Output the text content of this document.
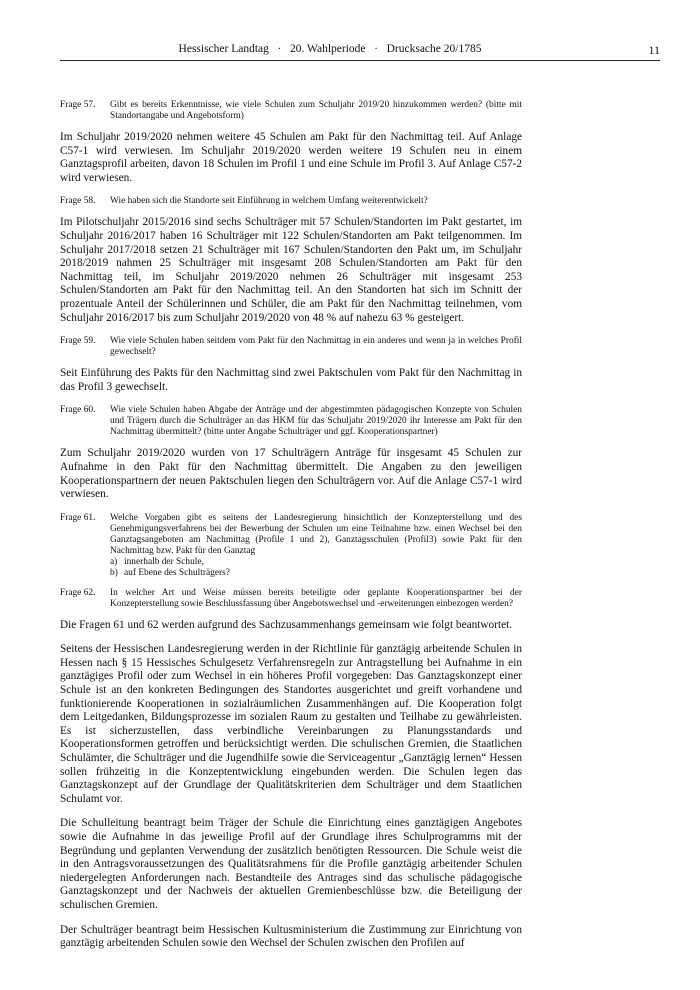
Hessischer Landtag · 20. Wahlperiode · Drucksache 20/1785	11
Frage 57.	Gibt es bereits Erkenntnisse, wie viele Schulen zum Schuljahr 2019/20 hinzukommen werden? (bitte mit Standortangabe und Angebotsform)

Im Schuljahr 2019/2020 nehmen weitere 45 Schulen am Pakt für den Nachmittag teil. Auf Anlage C57-1 wird verwiesen. Im Schuljahr 2019/2020 werden weitere 19 Schulen neu in einem Ganztagsprofil arbeiten, davon 18 Schulen im Profil 1 und eine Schule im Profil 3. Auf Anlage C57-2 wird verwiesen.

Frage 58.	Wie haben sich die Standorte seit Einführung in welchem Umfang weiterentwickelt?

Im Pilotschuljahr 2015/2016 sind sechs Schulträger mit 57 Schulen/Standorten im Pakt gestartet, im Schuljahr 2016/2017 haben 16 Schulträger mit 122 Schulen/Standorten am Pakt teilgenommen. Im Schuljahr 2017/2018 setzen 21 Schulträger mit 167 Schulen/Standorten den Pakt um, im Schuljahr 2018/2019 nahmen 25 Schulträger mit insgesamt 208 Schulen/Standorten am Pakt für den Nachmittag teil, im Schuljahr 2019/2020 nehmen 26 Schulträger mit insgesamt 253 Schulen/Standorten am Pakt für den Nachmittag teil. An den Standorten hat sich im Schnitt der prozentuale Anteil der Schülerinnen und Schüler, die am Pakt für den Nachmittag teilnehmen, vom Schuljahr 2016/2017 bis zum Schuljahr 2019/2020 von 48 % auf nahezu 63 % gesteigert.

Frage 59.	Wie viele Schulen haben seitdem vom Pakt für den Nachmittag in ein anderes und wenn ja in welches Profil gewechselt?

Seit Einführung des Pakts für den Nachmittag sind zwei Paktschulen vom Pakt für den Nachmittag in das Profil 3 gewechselt.

Frage 60.	Wie viele Schulen haben Abgabe der Anträge und der abgestimmten pädagogischen Konzepte von Schulen und Trägern durch die Schulträger an das HKM für das Schuljahr 2019/2020 ihr Interesse am Pakt für den Nachmittag übermittelt? (bitte unter Angabe Schulträger und ggf. Kooperationspartner)

Zum Schuljahr 2019/2020 wurden von 17 Schulträgern Anträge für insgesamt 45 Schulen zur Aufnahme in den Pakt für den Nachmittag übermittelt. Die Angaben zu den jeweiligen Kooperationspartnern der neuen Paktschulen liegen den Schulträgern vor. Auf die Anlage C57-1 wird verwiesen.

Frage 61.	Welche Vorgaben gibt es seitens der Landesregierung hinsichtlich der Konzepterstellung und des Genehmigungsverfahrens bei der Bewerbung der Schulen um eine Teilnahme bzw. einen Wechsel bei den Ganztagsangeboten am Nachmittag (Profile 1 und 2), Ganztagsschulen (Profil3) sowie Pakt für den Nachmittag bzw. Pakt für den Ganztag
a) innerhalb der Schule,
b) auf Ebene des Schulträgers?
Frage 62.	In welcher Art und Weise müssen bereits beteiligte oder geplante Kooperationspartner bei der Konzepterstellung sowie Beschlussfassung über Angebotswechsel und -erweiterungen einbezogen werden?

Die Fragen 61 und 62 werden aufgrund des Sachzusammenhangs gemeinsam wie folgt beantwortet.

Seitens der Hessischen Landesregierung werden in der Richtlinie für ganztägig arbeitende Schulen in Hessen nach § 15 Hessisches Schulgesetz Verfahrensregeln zur Antragstellung bei Aufnahme in ein ganztägiges Profil oder zum Wechsel in ein höheres Profil vorgegeben: Das Ganztagskonzept einer Schule ist an den konkreten Bedingungen des Standortes ausgerichtet und greift vorhandene und funktionierende Kooperationen in sozialräumlichen Zusammenhängen auf. Die Kooperation folgt dem Leitgedanken, Bildungsprozesse im sozialen Raum zu gestalten und Teilhabe zu gewährleisten. Es ist sicherzustellen, dass verbindliche Vereinbarungen zu Planungsstandards und Kooperationsformen getroffen und berücksichtigt werden. Die schulischen Gremien, die Staatlichen Schulämter, die Schulträger und die Jugendhilfe sowie die Serviceagentur „Ganztägig lernen“ Hessen sollen frühzeitig in die Konzeptentwicklung eingebunden werden. Die Schulen legen das Ganztagskonzept auf der Grundlage der Qualitätskriterien dem Schulträger und dem Staatlichen Schulamt vor.

Die Schulleitung beantragt beim Träger der Schule die Einrichtung eines ganztägigen Angebotes sowie die Aufnahme in das jeweilige Profil auf der Grundlage ihres Schulprogramms mit der Begründung und geplanten Verwendung der zusätzlich benötigten Ressourcen. Die Schule weist die in den Antragsvoraussetzungen des Qualitätsrahmens für die Profile ganztägig arbeitender Schulen niedergelegten Anforderungen nach. Bestandteile des Antrages sind das schulische pädagogische Ganztagskonzept und der Nachweis der aktuellen Gremienbeschlüsse bzw. die Beteiligung der schulischen Gremien.

Der Schulträger beantragt beim Hessischen Kultusministerium die Zustimmung zur Einrichtung von ganztägig arbeitenden Schulen sowie den Wechsel der Schulen zwischen den Profilen auf
